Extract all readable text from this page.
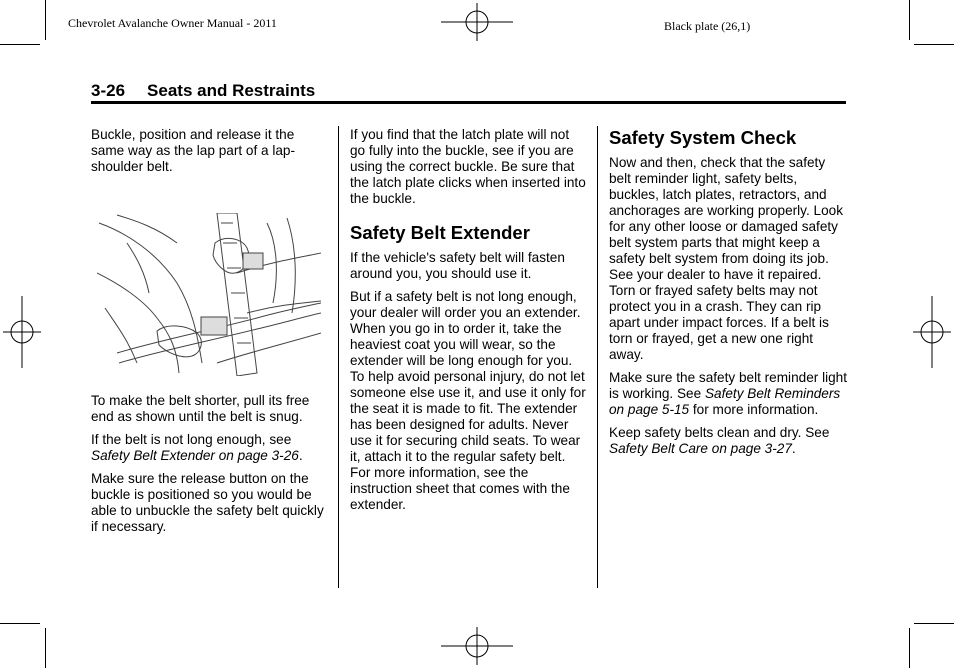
Chevrolet Avalanche Owner Manual - 2011	Black plate (26,1)
3-26 Seats and Restraints

Buckle, position and release it the same way as the lap part of a lap-shoulder belt.

To make the belt shorter, pull its free end as shown until the belt is snug.

If the belt is not long enough, see Safety Belt Extender on page 3-26.

Make sure the release button on the buckle is positioned so you would be able to unbuckle the safety belt quickly if necessary.

If you find that the latch plate will not go fully into the buckle, see if you are using the correct buckle. Be sure that the latch plate clicks when inserted into the buckle.

Safety Belt Extender

If the vehicle's safety belt will fasten around you, you should use it.

But if a safety belt is not long enough, your dealer will order you an extender. When you go in to order it, take the heaviest coat you will wear, so the extender will be long enough for you. To help avoid personal injury, do not let someone else use it, and use it only for the seat it is made to fit. The extender has been designed for adults. Never use it for securing child seats. To wear it, attach it to the regular safety belt. For more information, see the instruction sheet that comes with the extender.

Safety System Check

Now and then, check that the safety belt reminder light, safety belts, buckles, latch plates, retractors, and anchorages are working properly. Look for any other loose or damaged safety belt system parts that might keep a safety belt system from doing its job. See your dealer to have it repaired. Torn or frayed safety belts may not protect you in a crash. They can rip apart under impact forces. If a belt is torn or frayed, get a new one right away.

Make sure the safety belt reminder light is working. See Safety Belt Reminders on page 5-15 for more information.

Keep safety belts clean and dry. See Safety Belt Care on page 3-27.
